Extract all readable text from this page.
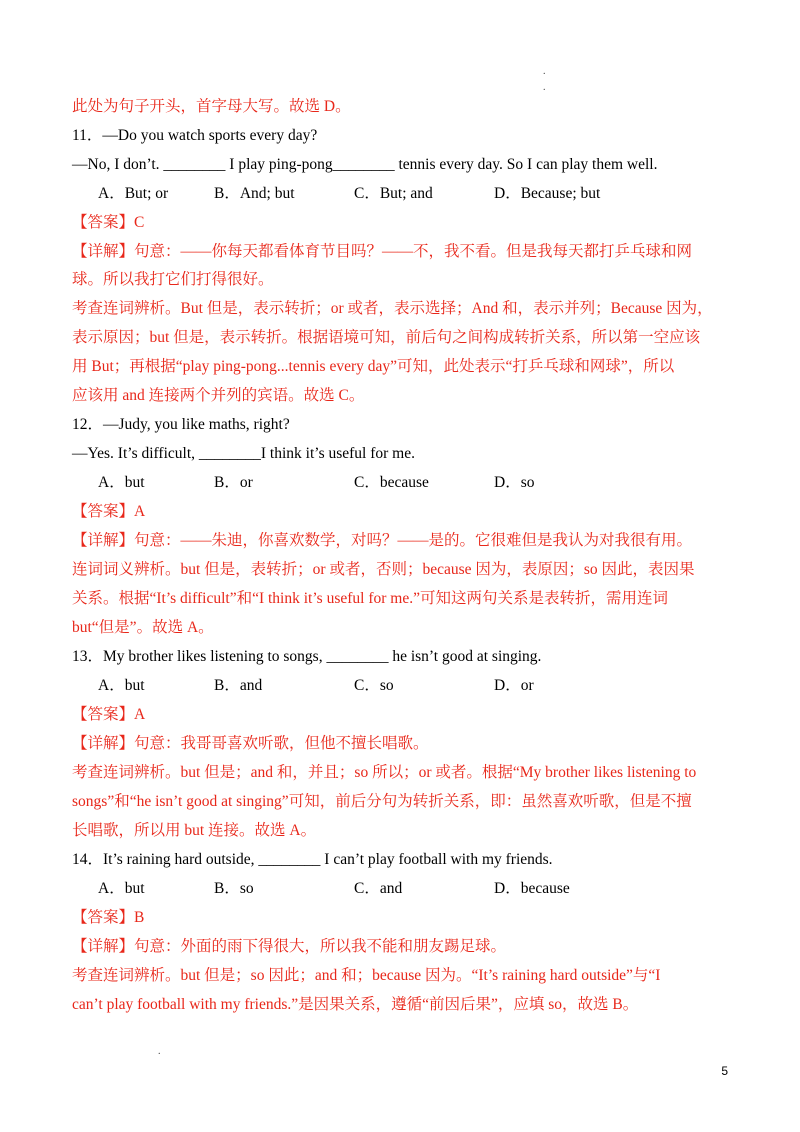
.
.
此处为句子开头，首字母大写。故选 D。
11．—Do you watch sports every day?
—No, I don’t. ________ I play ping-pong________ tennis every day. So I can play them well.
A．But; or	B．And; but	C．But; and	D．Because; but
【答案】C
【详解】句意：——你每天都看体育节目吗？——不，我不看。但是我每天都打乒乓球和网
球。所以我打它们打得很好。
考查连词辨析。But 但是，表示转折；or 或者，表示选择；And 和，表示并列；Because 因为，
表示原因；but 但是，表示转折。根据语境可知，前后句之间构成转折关系，所以第一空应该
用 But；再根据“play ping-pong...tennis every day”可知，此处表示“打乒乓球和网球”，所以
应该用 and 连接两个并列的宾语。故选 C。
12．—Judy, you like maths, right?
—Yes. It’s difficult, ________I think it’s useful for me.
A．but	B．or	C．because	D．so
【答案】A
【详解】句意：——朱迪，你喜欢数学，对吗？——是的。它很难但是我认为对我很有用。
连词词义辨析。but 但是，表转折；or 或者，否则；because 因为，表原因；so 因此，表因果
关系。根据“It’s difficult”和“I think it’s useful for me.”可知这两句关系是表转折，需用连词
but“但是”。故选 A。
13．My brother likes listening to songs, ________ he isn’t good at singing.
A．but	B．and	C．so	D．or
【答案】A
【详解】句意：我哥哥喜欢听歌，但他不擅长唱歌。
考查连词辨析。but 但是；and 和，并且；so 所以；or 或者。根据“My brother likes listening to
songs”和“he isn’t good at singing”可知，前后分句为转折关系，即：虽然喜欢听歌，但是不擅
长唱歌，所以用 but 连接。故选 A。
14．It’s raining hard outside, ________ I can’t play football with my friends.
A．but	B．so	C．and	D．because
【答案】B
【详解】句意：外面的雨下得很大，所以我不能和朋友踢足球。
考查连词辨析。but 但是；so 因此；and 和；because 因为。“It’s raining hard outside”与“I
can’t play football with my friends.”是因果关系，遵循“前因后果”，应填 so，故选 B。
.
5
